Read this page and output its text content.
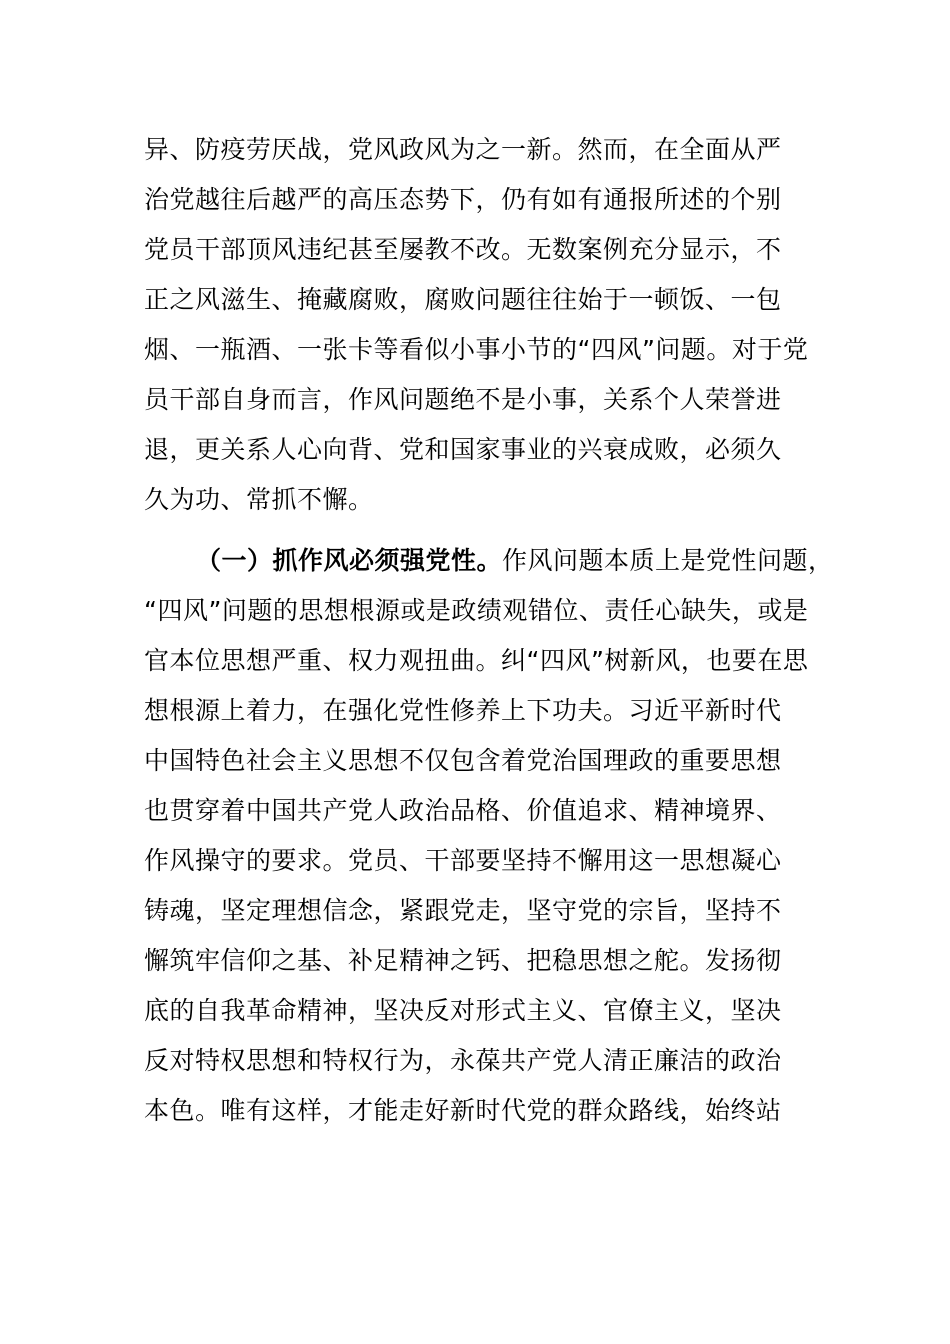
异、防疫劳厌战，党风政风为之一新。然而，在全面从严
治党越往后越严的高压态势下，仍有如有通报所述的个别
党员干部顶风违纪甚至屡教不改。无数案例充分显示，不
正之风滋生、掩藏腐败，腐败问题往往始于一顿饭、一包
烟、一瓶酒、一张卡等看似小事小节的“四风”问题。对于党
员干部自身而言，作风问题绝不是小事，关系个人荣誉进
退，更关系人心向背、党和国家事业的兴衰成败，必须久
久为功、常抓不懈。
（一）抓作风必须强党性。作风问题本质上是党性问题，
“四风”问题的思想根源或是政绩观错位、责任心缺失，或是
官本位思想严重、权力观扭曲。纠“四风”树新风，也要在思
想根源上着力，在强化党性修养上下功夫。习近平新时代
中国特色社会主义思想不仅包含着党治国理政的重要思想
也贯穿着中国共产党人政治品格、价值追求、精神境界、
作风操守的要求。党员、干部要坚持不懈用这一思想凝心
铸魂，坚定理想信念，紧跟党走，坚守党的宗旨，坚持不
懈筑牢信仰之基、补足精神之钙、把稳思想之舵。发扬彻
底的自我革命精神，坚决反对形式主义、官僚主义，坚决
反对特权思想和特权行为，永葆共产党人清正廉洁的政治
本色。唯有这样，才能走好新时代党的群众路线，始终站
